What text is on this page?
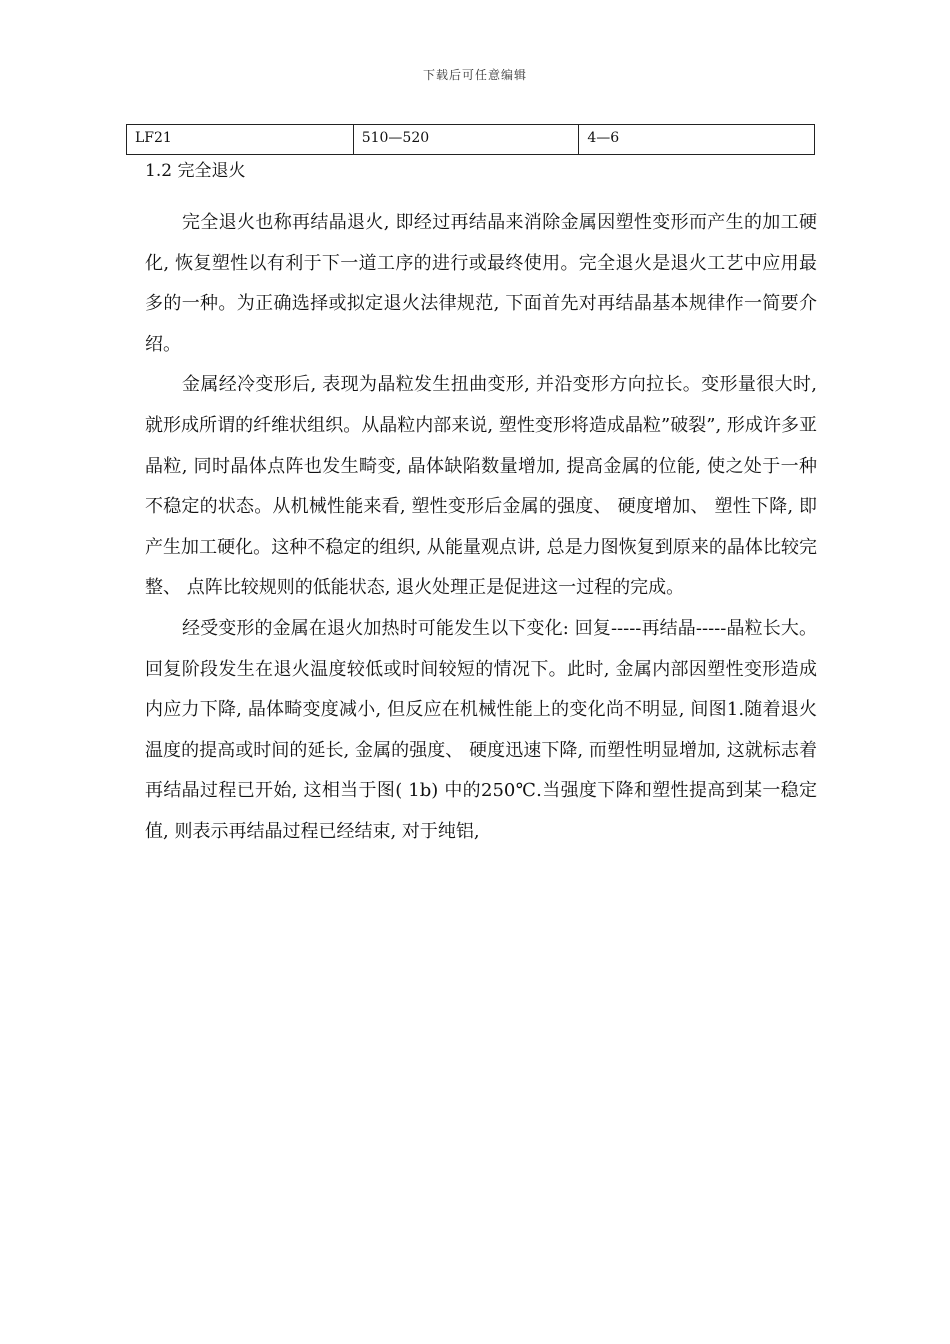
下载后可任意编辑
LF21	510—520	4—6
1.2 完全退火

完全退火也称再结晶退火, 即经过再结晶来消除金属因塑性变形而产生的加工硬化, 恢复塑性以有利于下一道工序的进行或最终使用。完全退火是退火工艺中应用最多的一种。为正确选择或拟定退火法律规范, 下面首先对再结晶基本规律作一简要介绍。

金属经冷变形后, 表现为晶粒发生扭曲变形, 并沿变形方向拉长。变形量很大时, 就形成所谓的纤维状组织。从晶粒内部来说, 塑性变形将造成晶粒”破裂”, 形成许多亚晶粒, 同时晶体点阵也发生畸变, 晶体缺陷数量增加, 提高金属的位能, 使之处于一种不稳定的状态。从机械性能来看, 塑性变形后金属的强度、 硬度增加、 塑性下降, 即产生加工硬化。这种不稳定的组织, 从能量观点讲, 总是力图恢复到原来的晶体比较完整、 点阵比较规则的低能状态, 退火处理正是促进这一过程的完成。

经受变形的金属在退火加热时可能发生以下变化: 回复-----再结晶-----晶粒长大。回复阶段发生在退火温度较低或时间较短的情况下。此时, 金属内部因塑性变形造成内应力下降, 晶体畸变度减小, 但反应在机械性能上的变化尚不明显, 间图1.随着退火温度的提高或时间的延长, 金属的强度、 硬度迅速下降, 而塑性明显增加, 这就标志着再结晶过程已开始, 这相当于图( 1b) 中的250℃.当强度下降和塑性提高到某一稳定值, 则表示再结晶过程已经结束, 对于纯铝,
